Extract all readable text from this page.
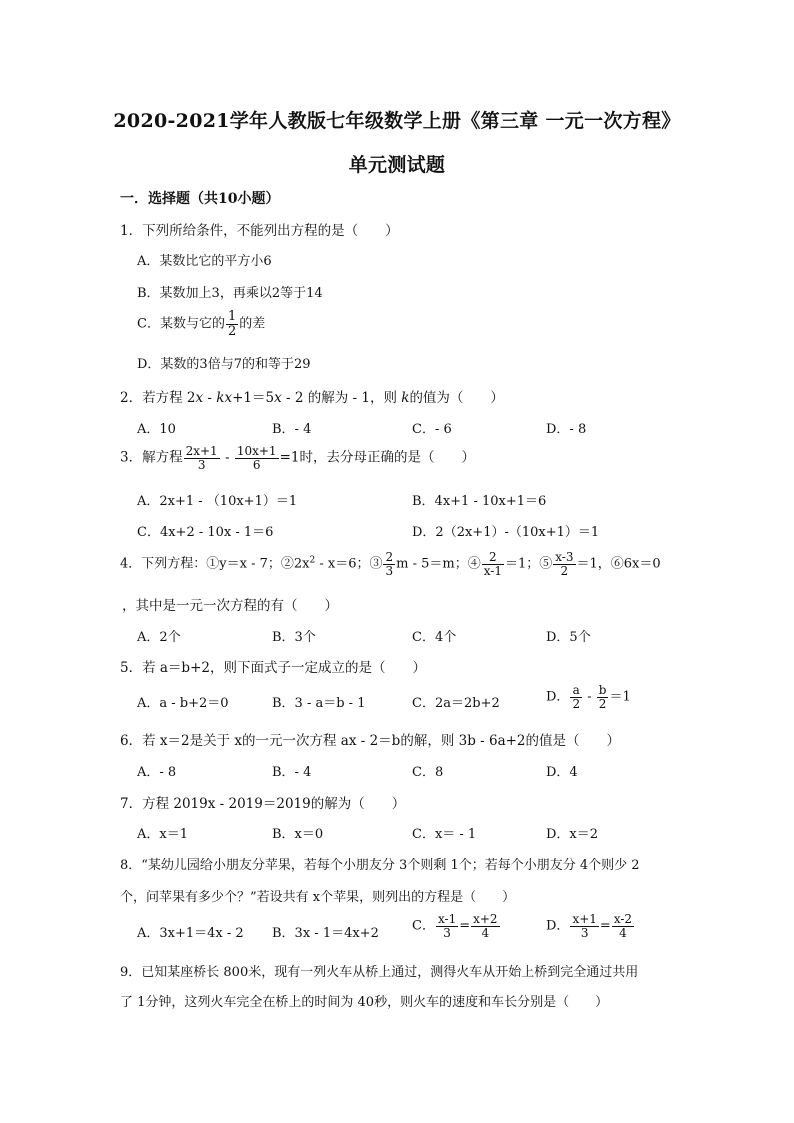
2020-2021学年人教版七年级数学上册《第三章 一元一次方程》
单元测试题
一．选择题（共10小题）
1．下列所给条件，不能列出方程的是（　　）
A．某数比它的平方小6
B．某数加上3，再乘以2等于14
C．某数与它的 $\frac{1}{2}$ 的差
D．某数的3倍与7的和等于29
2．若方程 2x - kx+1＝5x - 2 的解为 - 1，则 k的值为（　　）
A．10	B．- 4	C．- 6	D．- 8
3．解方程 $\frac{2x+1}{3} - \frac{10x+1}{6} =1$时，去分母正确的是（　　）
A．2x+1 - （10x+1）＝1	B．4x+1 - 10x+1＝6
C．4x+2 - 10x - 1＝6	D．2（2x+1）-（10x+1）＝1
4．下列方程：①y＝x - 7；$②2x^2 - x=6$；③ $\frac{2}{3}$ m - 5＝m；④ $\frac{2}{x-1} =1$；⑤ $\frac{x-3}{2} =1$，⑥6x＝0
，其中是一元一次方程的有（　　）
A．2个	B．3个	C．4个	D．5个
5．若 a＝b+2，则下面式子一定成立的是（　　）
A．a - b+2＝0	B．3 - a＝b - 1	C．2a＝2b+2	D． $\frac{a}{2} - \frac{b}{2} =1$
6．若 x＝2是关于 x的一元一次方程 ax - 2＝b的解，则 3b - 6a+2的值是（　　）
A．- 8	B．- 4	C．8	D．4
7．方程 2019x - 2019＝2019的解为（　　）
A．x＝1	B．x＝0	C．x＝ - 1	D．x＝2
8．“某幼儿园给小朋友分苹果，若每个小朋友分 3个则剩 1个；若每个小朋友分 4个则少 2
个，问苹果有多少个？”若设共有 x个苹果，则列出的方程是（　　）
A．3x+1＝4x - 2 B．3x - 1＝4x+2	C． $\frac{x-1}{3} = \frac{x+2}{4}$	D． $\frac{x+1}{3} = \frac{x-2}{4}$
9．已知某座桥长 800米，现有一列火车从桥上通过，测得火车从开始上桥到完全通过共用
了 1分钟，这列火车完全在桥上的时间为 40秒，则火车的速度和车长分别是（　　）
